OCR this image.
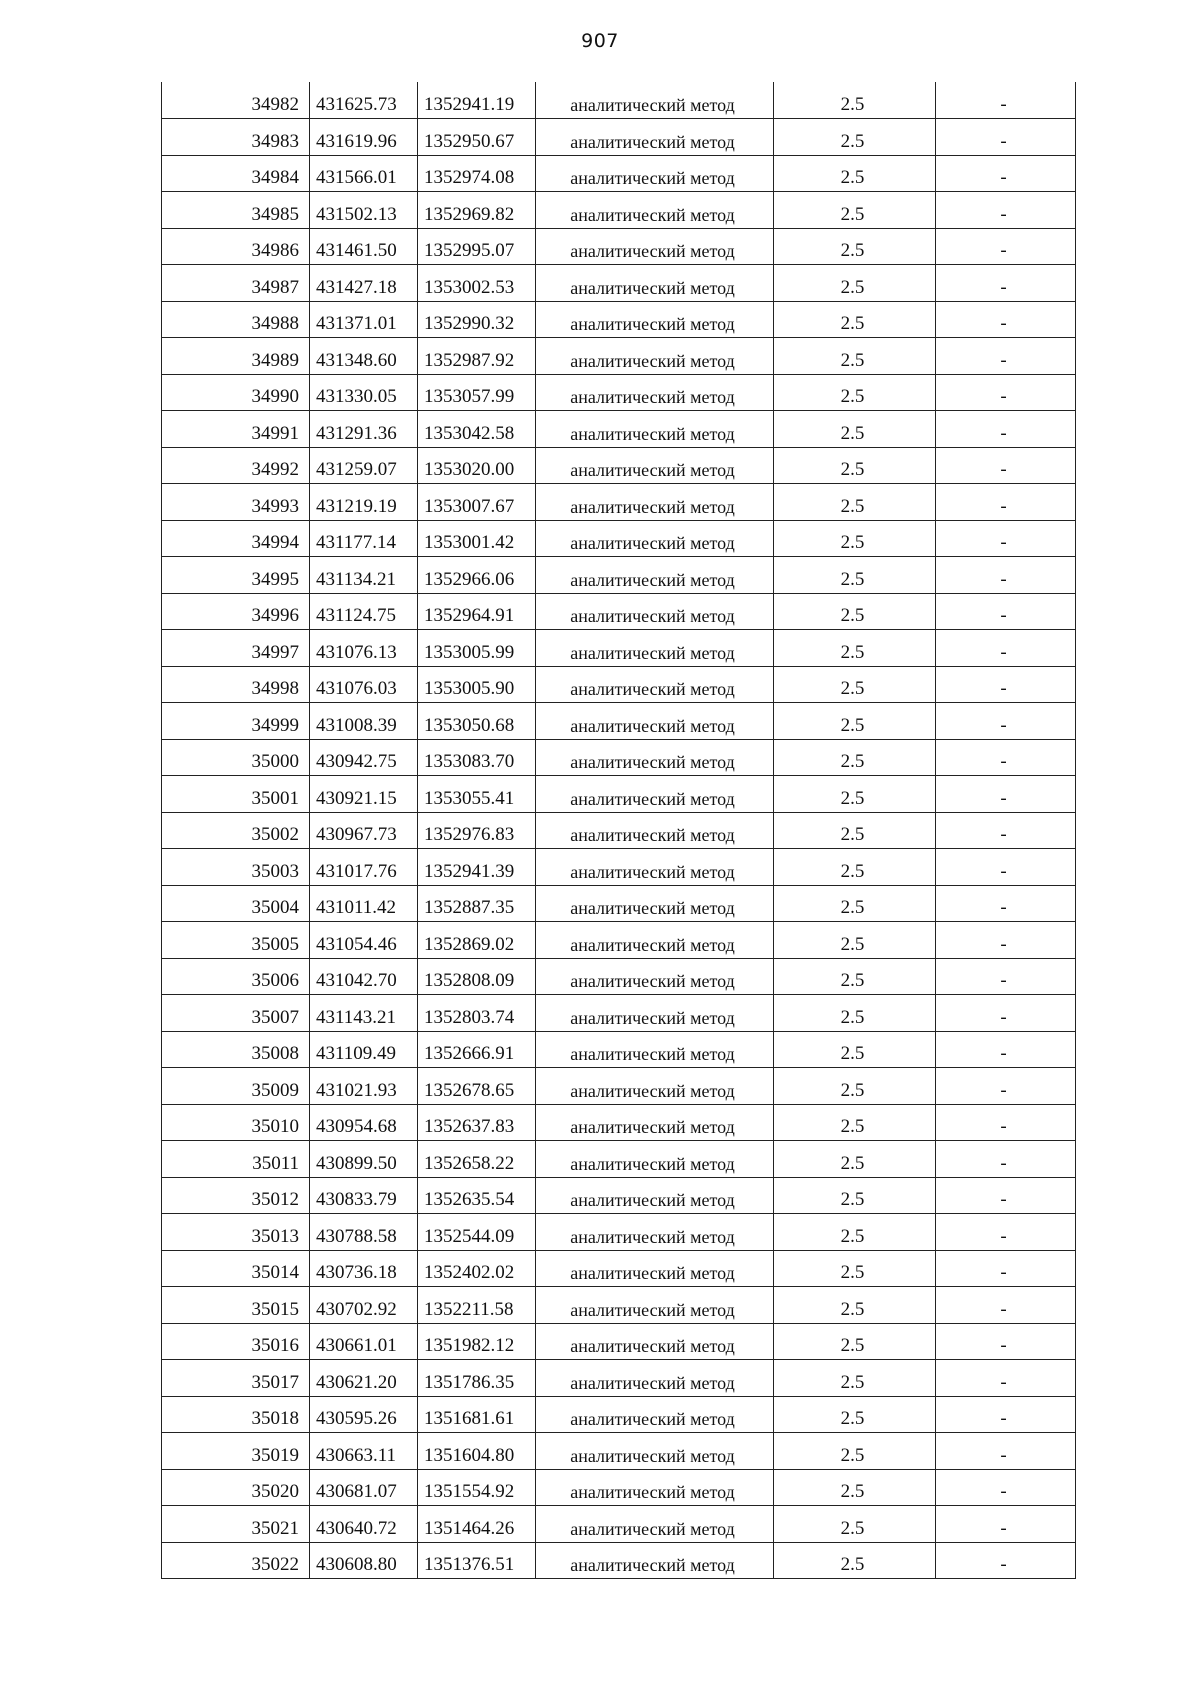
907
34982	431625.73	1352941.19	аналитический метод	2.5	-
34983	431619.96	1352950.67	аналитический метод	2.5	-
34984	431566.01	1352974.08	аналитический метод	2.5	-
34985	431502.13	1352969.82	аналитический метод	2.5	-
34986	431461.50	1352995.07	аналитический метод	2.5	-
34987	431427.18	1353002.53	аналитический метод	2.5	-
34988	431371.01	1352990.32	аналитический метод	2.5	-
34989	431348.60	1352987.92	аналитический метод	2.5	-
34990	431330.05	1353057.99	аналитический метод	2.5	-
34991	431291.36	1353042.58	аналитический метод	2.5	-
34992	431259.07	1353020.00	аналитический метод	2.5	-
34993	431219.19	1353007.67	аналитический метод	2.5	-
34994	431177.14	1353001.42	аналитический метод	2.5	-
34995	431134.21	1352966.06	аналитический метод	2.5	-
34996	431124.75	1352964.91	аналитический метод	2.5	-
34997	431076.13	1353005.99	аналитический метод	2.5	-
34998	431076.03	1353005.90	аналитический метод	2.5	-
34999	431008.39	1353050.68	аналитический метод	2.5	-
35000	430942.75	1353083.70	аналитический метод	2.5	-
35001	430921.15	1353055.41	аналитический метод	2.5	-
35002	430967.73	1352976.83	аналитический метод	2.5	-
35003	431017.76	1352941.39	аналитический метод	2.5	-
35004	431011.42	1352887.35	аналитический метод	2.5	-
35005	431054.46	1352869.02	аналитический метод	2.5	-
35006	431042.70	1352808.09	аналитический метод	2.5	-
35007	431143.21	1352803.74	аналитический метод	2.5	-
35008	431109.49	1352666.91	аналитический метод	2.5	-
35009	431021.93	1352678.65	аналитический метод	2.5	-
35010	430954.68	1352637.83	аналитический метод	2.5	-
35011	430899.50	1352658.22	аналитический метод	2.5	-
35012	430833.79	1352635.54	аналитический метод	2.5	-
35013	430788.58	1352544.09	аналитический метод	2.5	-
35014	430736.18	1352402.02	аналитический метод	2.5	-
35015	430702.92	1352211.58	аналитический метод	2.5	-
35016	430661.01	1351982.12	аналитический метод	2.5	-
35017	430621.20	1351786.35	аналитический метод	2.5	-
35018	430595.26	1351681.61	аналитический метод	2.5	-
35019	430663.11	1351604.80	аналитический метод	2.5	-
35020	430681.07	1351554.92	аналитический метод	2.5	-
35021	430640.72	1351464.26	аналитический метод	2.5	-
35022	430608.80	1351376.51	аналитический метод	2.5	-
